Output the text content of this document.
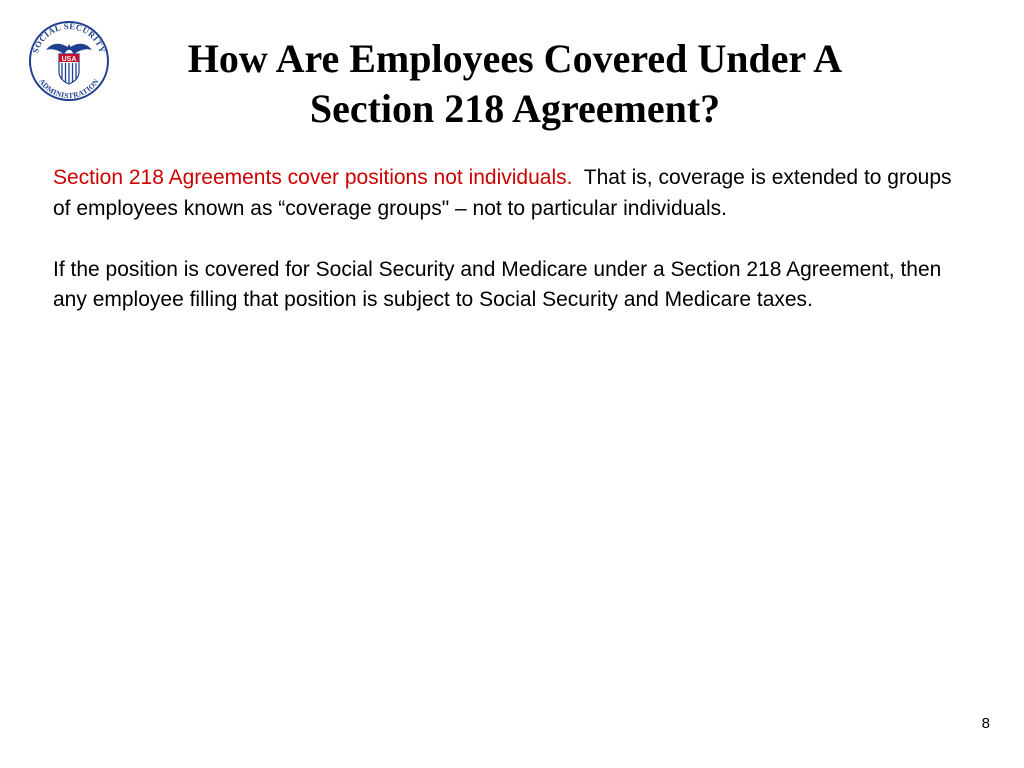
SOCIAL SECURITY
ADMINISTRATION
USA	How Are Employees Covered Under A
Section 218 Agreement?

Section 218 Agreements cover positions not individuals. That is, coverage is extended to groups of employees known as “coverage groups" – not to particular individuals.

If the position is covered for Social Security and Medicare under a Section 218 Agreement, then any employee filling that position is subject to Social Security and Medicare taxes.

8
